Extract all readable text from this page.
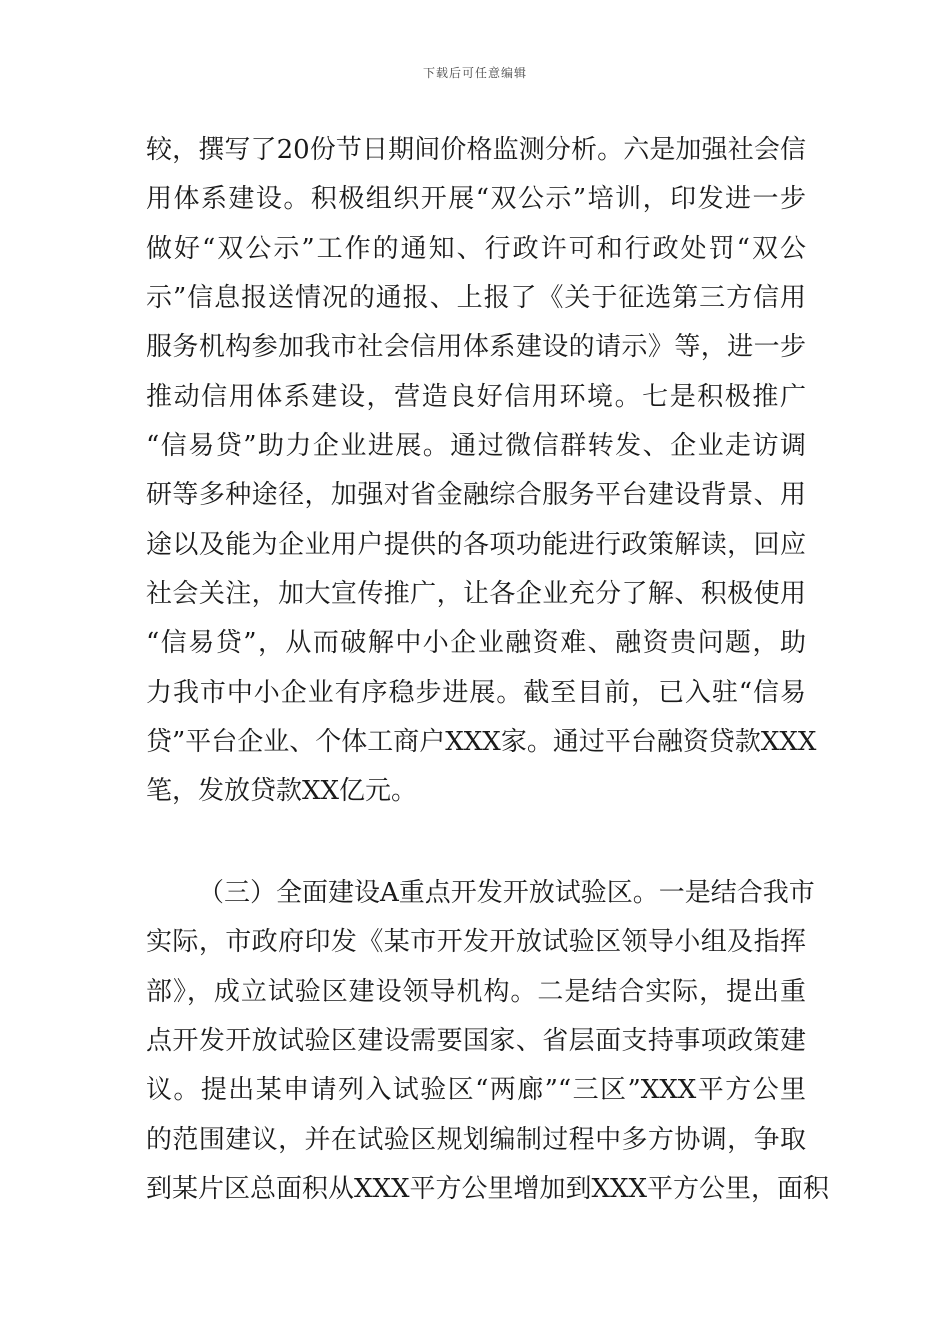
下载后可任意编辑
较，撰写了20份节日期间价格监测分析。六是加强社会信
用体系建设。积极组织开展“双公示”培训，印发进一步
做好“双公示”工作的通知、行政许可和行政处罚“双公
示”信息报送情况的通报、上报了《关于征选第三方信用
服务机构参加我市社会信用体系建设的请示》等，进一步
推动信用体系建设，营造良好信用环境。七是积极推广
“信易贷”助力企业进展。通过微信群转发、企业走访调
研等多种途径，加强对省金融综合服务平台建设背景、用
途以及能为企业用户提供的各项功能进行政策解读，回应
社会关注，加大宣传推广，让各企业充分了解、积极使用
“信易贷”，从而破解中小企业融资难、融资贵问题，助
力我市中小企业有序稳步进展。截至目前，已入驻“信易
贷”平台企业、个体工商户XXX家。通过平台融资贷款XXX
笔，发放贷款XX亿元。
（三）全面建设A重点开发开放试验区。一是结合我市
实际，市政府印发《某市开发开放试验区领导小组及指挥
部》，成立试验区建设领导机构。二是结合实际，提出重
点开发开放试验区建设需要国家、省层面支持事项政策建
议。提出某申请列入试验区“两廊”“三区”XXX平方公里
的范围建议，并在试验区规划编制过程中多方协调，争取
到某片区总面积从XXX平方公里增加到XXX平方公里，面积
